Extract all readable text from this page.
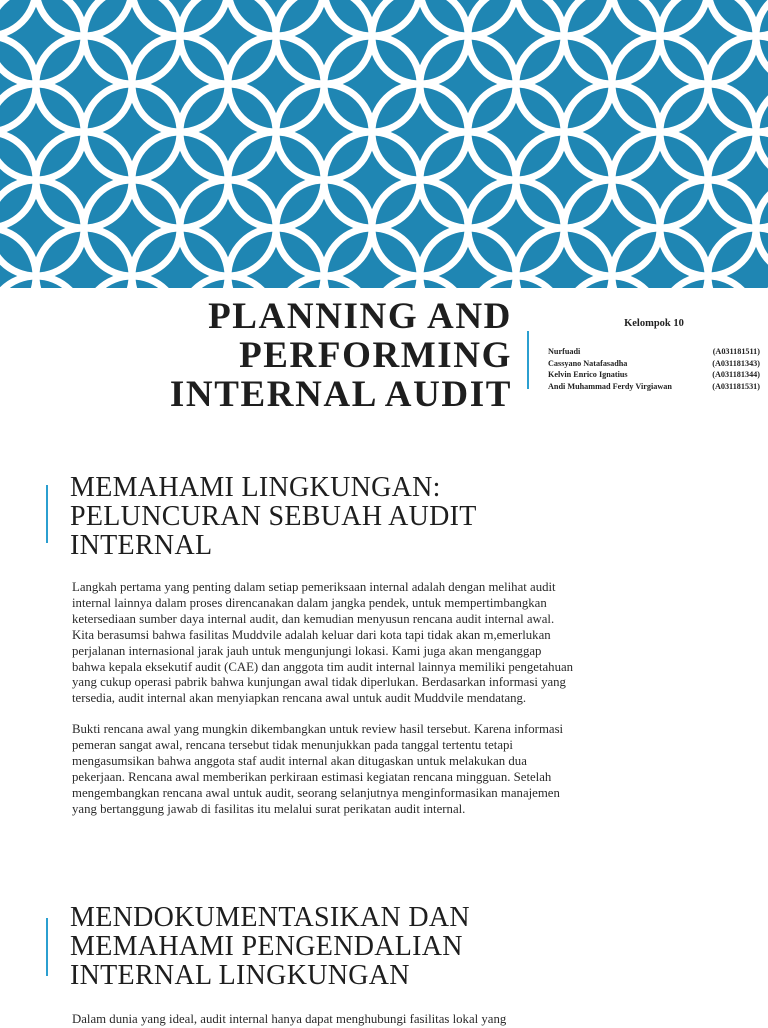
PLANNING AND
PERFORMING
INTERNAL AUDIT
Kelompok 10
Nurfuadi	(A031181511)
Cassyano Natafasadha	(A031181343)
Kelvin Enrico Ignatius	(A031181344)
Andi Muhammad Ferdy Virgiawan	(A031181531)
MEMAHAMI LINGKUNGAN:
PELUNCURAN SEBUAH AUDIT
INTERNAL
Langkah pertama yang penting dalam setiap pemeriksaan internal adalah dengan melihat audit
internal lainnya dalam proses direncanakan dalam jangka pendek, untuk mempertimbangkan
ketersediaan sumber daya internal audit, dan kemudian menyusun rencana audit internal awal.
Kita berasumsi bahwa fasilitas Muddvile adalah keluar dari kota tapi tidak akan m,emerlukan
perjalanan internasional jarak jauh untuk mengunjungi lokasi. Kami juga akan menganggap
bahwa kepala eksekutif audit (CAE) dan anggota tim audit internal lainnya memiliki pengetahuan
yang cukup operasi pabrik bahwa kunjungan awal tidak diperlukan. Berdasarkan informasi yang
tersedia, audit internal akan menyiapkan rencana awal untuk audit Muddvile mendatang.
Bukti rencana awal yang mungkin dikembangkan untuk review hasil tersebut. Karena informasi
pemeran sangat awal, rencana tersebut tidak menunjukkan pada tanggal tertentu tetapi
mengasumsikan bahwa anggota staf audit internal akan ditugaskan untuk melakukan dua
pekerjaan. Rencana awal memberikan perkiraan estimasi kegiatan rencana mingguan. Setelah
mengembangkan rencana awal untuk audit, seorang selanjutnya menginformasikan manajemen
yang bertanggung jawab di fasilitas itu melalui surat perikatan audit internal.
MENDOKUMENTASIKAN DAN
MEMAHAMI PENGENDALIAN
INTERNAL LINGKUNGAN
Dalam dunia yang ideal, audit internal hanya dapat menghubungi fasilitas lokal yang
